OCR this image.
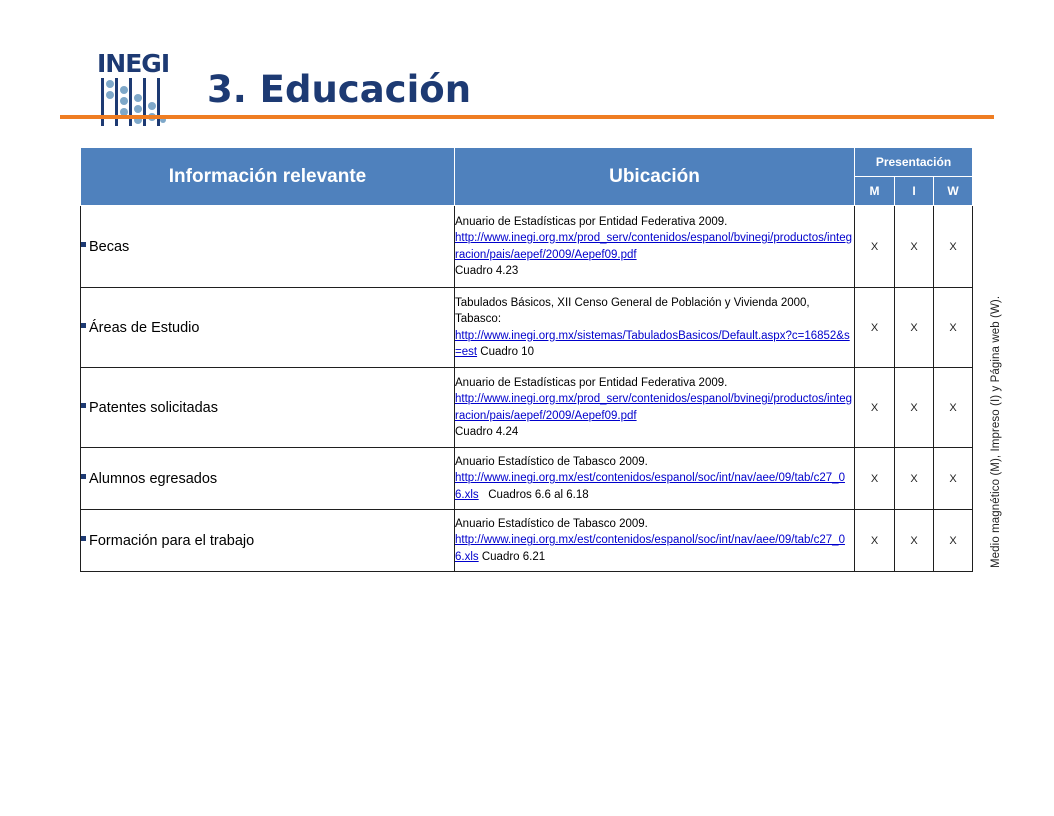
INEGI
3. Educación
Información relevante	Ubicación	Presentación		
		M	I	W
Becas	Anuario de Estadísticas por Entidad Federativa 2009.
http://www.inegi.org.mx/prod_serv/contenidos/espanol/bvinegi/productos/integracion/pais/aepef/2009/Aepef09.pdf
Cuadro 4.23	X	X	X
Áreas de Estudio	Tabulados Básicos, XII Censo General de Población y Vivienda 2000, Tabasco:
http://www.inegi.org.mx/sistemas/TabuladosBasicos/Default.aspx?c=16852&s=est Cuadro 10	X	X	X
Patentes solicitadas	Anuario de Estadísticas por Entidad Federativa 2009.
http://www.inegi.org.mx/prod_serv/contenidos/espanol/bvinegi/productos/integracion/pais/aepef/2009/Aepef09.pdf
Cuadro 4.24	X	X	X
Alumnos egresados	Anuario Estadístico de Tabasco 2009.
http://www.inegi.org.mx/est/contenidos/espanol/soc/int/nav/aee/09/tab/c27_06.xls Cuadros 6.6 al 6.18	X	X	X
Formación para el trabajo	Anuario Estadístico de Tabasco 2009.
http://www.inegi.org.mx/est/contenidos/espanol/soc/int/nav/aee/09/tab/c27_06.xls Cuadro 6.21	X	X	X	Medio magnético (M), Impreso (I) y Página web (W).
